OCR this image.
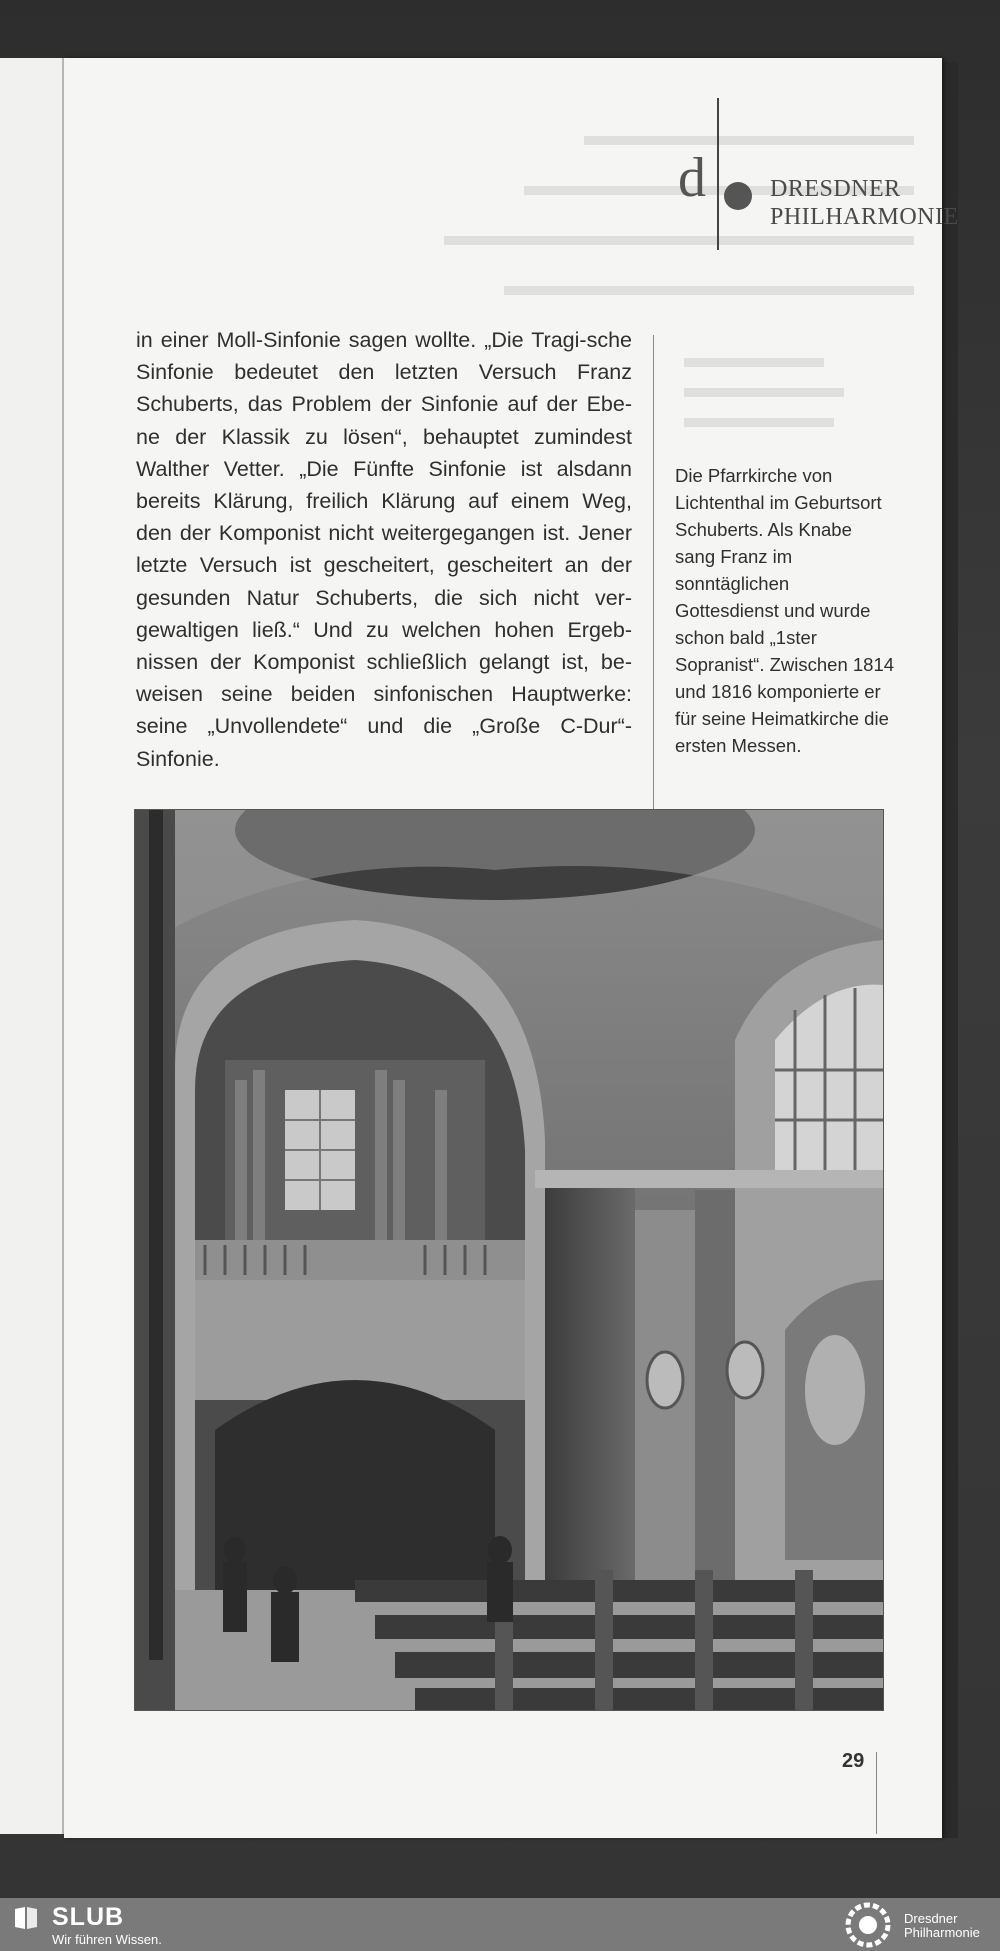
d	DRESDNER
PHILHARMONIE
in einer Moll-Sinfonie sagen wollte. „Die Tragi-sche Sinfonie bedeutet den letzten Versuch Franz Schuberts, das Problem der Sinfonie auf der Ebe-ne der Klassik zu lösen“, behauptet zumindest Walther Vetter. „Die Fünfte Sinfonie ist alsdann bereits Klärung, freilich Klärung auf einem Weg, den der Komponist nicht weitergegangen ist. Jener letzte Versuch ist gescheitert, gescheitert an der gesunden Natur Schuberts, die sich nicht ver-gewaltigen ließ.“ Und zu welchen hohen Ergeb-nissen der Komponist schließlich gelangt ist, be-weisen seine beiden sinfonischen Hauptwerke: seine „Unvollendete“ und die „Große C-Dur“-Sinfonie.
Die Pfarrkirche von Lichtenthal im Geburtsort Schuberts. Als Knabe sang Franz im sonntäglichen Gottesdienst und wurde schon bald „1ster Sopranist“. Zwischen 1814 und 1816 komponierte er für seine Heimatkirche die ersten Messen.
29
SLUB
Wir führen Wissen.
Dresdner
Philharmonie
